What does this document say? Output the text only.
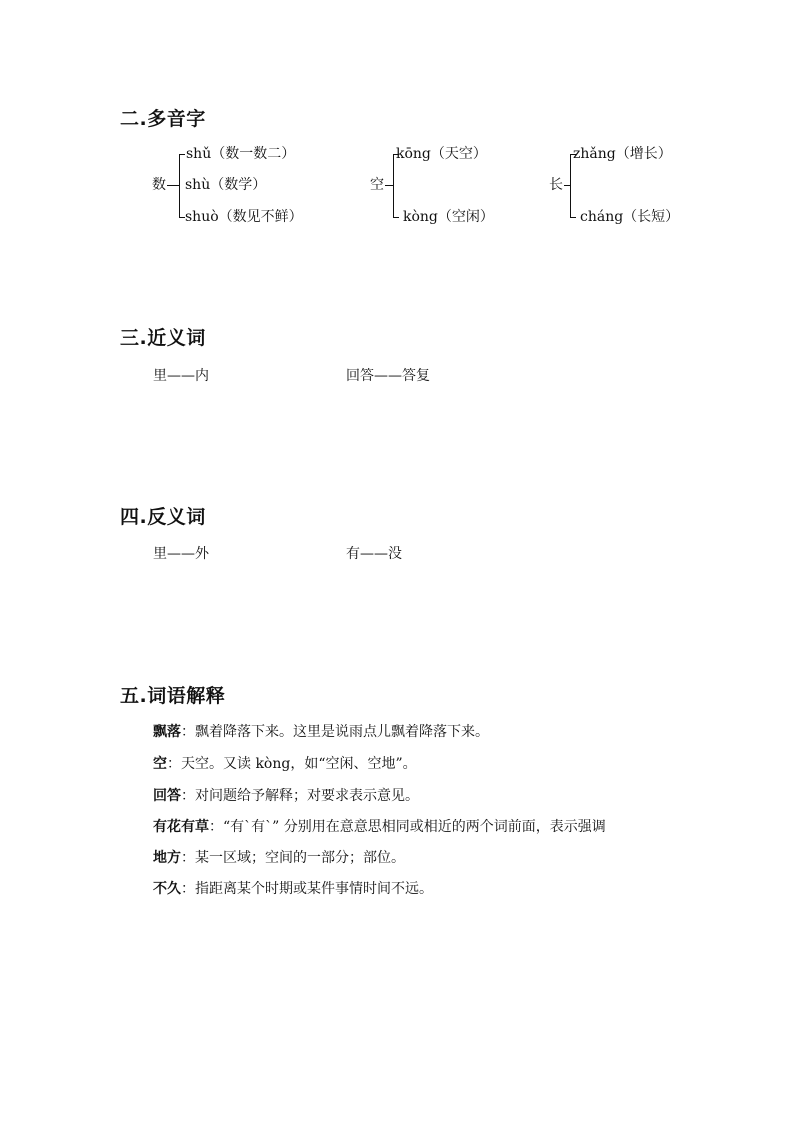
二.多音字
数
shǔ（数一数二）
shù（数学）
shuò（数见不鲜）
空
kōng（天空）
kòng（空闲）
长
zhǎng（增长）
cháng（长短）
三.近义词
里——内	回答——答复
四.反义词
里——外	有——没
五.词语解释
飘落：飘着降落下来。这里是说雨点儿飘着降落下来。
空：天空。又读 kòng，如“空闲、空地”。
回答：对问题给予解释；对要求表示意见。
有花有草：“有`有`” 分别用在意意思相同或相近的两个词前面，表示强调
地方：某一区域；空间的一部分；部位。
不久：指距离某个时期或某件事情时间不远。
